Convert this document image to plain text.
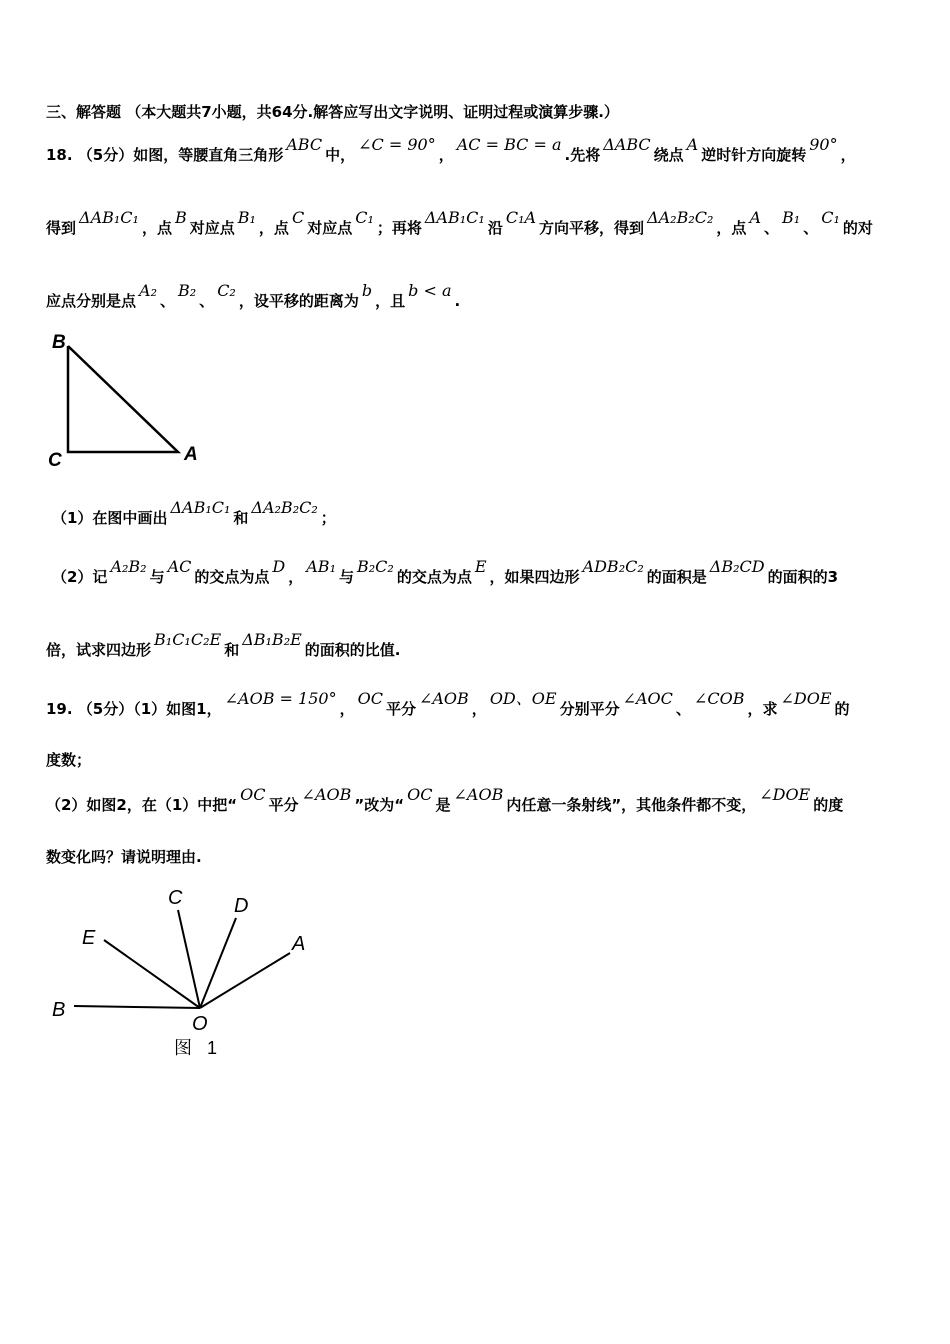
三、解答题 （本大题共7小题，共64分.解答应写出文字说明、证明过程或演算步骤.）
18. （5分）如图，等腰直角三角形ABC中，∠C = 90°，AC = BC = a.先将ΔABC绕点A逆时针方向旋转90°，
得到ΔAB₁C₁，点B对应点B₁，点C对应点C₁；再将ΔAB₁C₁沿C₁A方向平移，得到ΔA₂B₂C₂，点A、B₁、C₁的对
应点分别是点A₂、B₂、C₂，设平移的距离为b，且b < a.
B
C	A
（1）在图中画出ΔAB₁C₁和ΔA₂B₂C₂；
（2）记A₂B₂与AC的交点为点D，AB₁与B₂C₂的交点为点E，如果四边形ADB₂C₂的面积是ΔB₂CD的面积的3
倍，试求四边形B₁C₁C₂E和ΔB₁B₂E的面积的比值.
19. （5分）（1）如图1，∠AOB = 150°，OC平分∠AOB，OD、OE分别平分∠AOC、∠COB，求∠DOE的
度数；
（2）如图2，在（1）中把“OC平分∠AOB”改为“OC是∠AOB内任意一条射线”，其他条件都不变，∠DOE的度
数变化吗？请说明理由.
C	D
E	A
B
O
图   1
